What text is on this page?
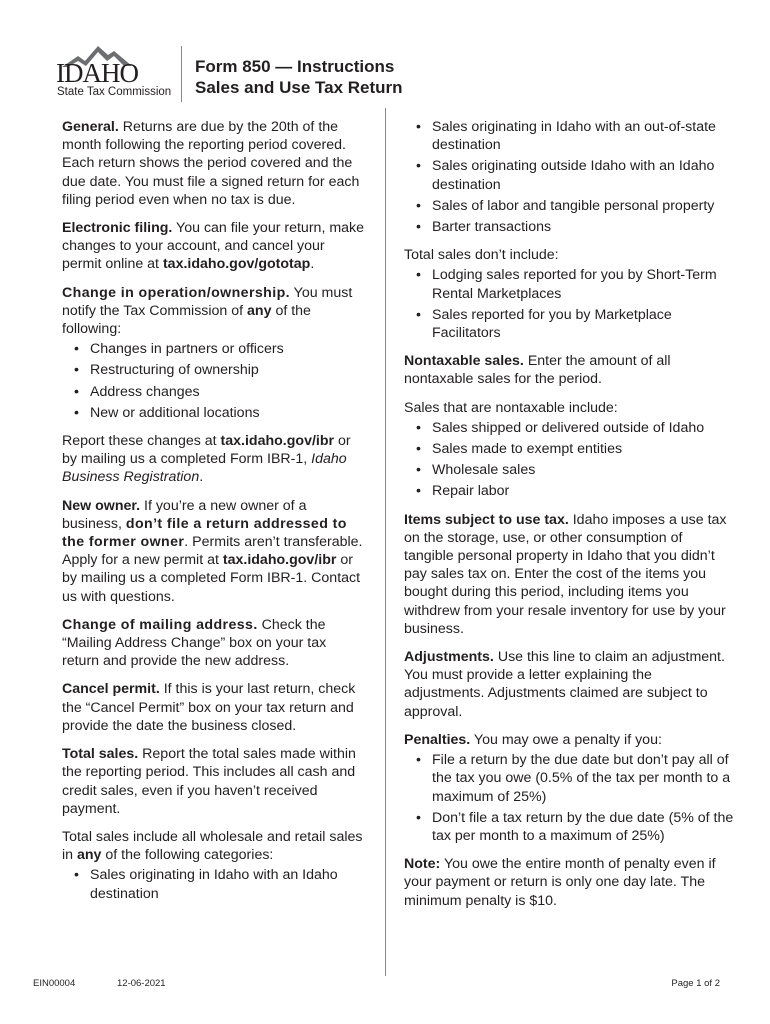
IDAHO
State Tax Commission
Form 850 — Instructions
Sales and Use Tax Return

General. Returns are due by the 20th of the month following the reporting period covered. Each return shows the period covered and the due date. You must file a signed return for each filing period even when no tax is due.

Electronic filing. You can file your return, make changes to your account, and cancel your permit online at tax.idaho.gov/gototap.

Change in operation/ownership. You must notify the Tax Commission of any of the following:

• Changes in partners or officers
• Restructuring of ownership
• Address changes
• New or additional locations

Report these changes at tax.idaho.gov/ibr or by mailing us a completed Form IBR-1, Idaho Business Registration.

New owner. If you’re a new owner of a business, don’t file a return addressed to the former owner. Permits aren’t transferable. Apply for a new permit at tax.idaho.gov/ibr or by mailing us a completed Form IBR-1. Contact us with questions.

Change of mailing address. Check the “Mailing Address Change” box on your tax return and provide the new address.

Cancel permit. If this is your last return, check the “Cancel Permit” box on your tax return and provide the date the business closed.

Total sales. Report the total sales made within the reporting period. This includes all cash and credit sales, even if you haven’t received payment.

Total sales include all wholesale and retail sales in any of the following categories:

• Sales originating in Idaho with an Idaho destination
• Sales originating in Idaho with an out-of-state destination
• Sales originating outside Idaho with an Idaho destination
• Sales of labor and tangible personal property
• Barter transactions

Total sales don’t include:

• Lodging sales reported for you by Short-Term Rental Marketplaces
• Sales reported for you by Marketplace Facilitators

Nontaxable sales. Enter the amount of all nontaxable sales for the period.

Sales that are nontaxable include:

• Sales shipped or delivered outside of Idaho
• Sales made to exempt entities
• Wholesale sales
• Repair labor

Items subject to use tax. Idaho imposes a use tax on the storage, use, or other consumption of tangible personal property in Idaho that you didn’t pay sales tax on. Enter the cost of the items you bought during this period, including items you withdrew from your resale inventory for use by your business.

Adjustments. Use this line to claim an adjustment. You must provide a letter explaining the adjustments. Adjustments claimed are subject to approval.

Penalties. You may owe a penalty if you:

• File a return by the due date but don’t pay all of the tax you owe (0.5% of the tax per month to a maximum of 25%)
• Don’t file a tax return by the due date (5% of the tax per month to a maximum of 25%)

Note: You owe the entire month of penalty even if your payment or return is only one day late. The minimum penalty is $10.

EIN00004	12-06-2021	Page 1 of 2
